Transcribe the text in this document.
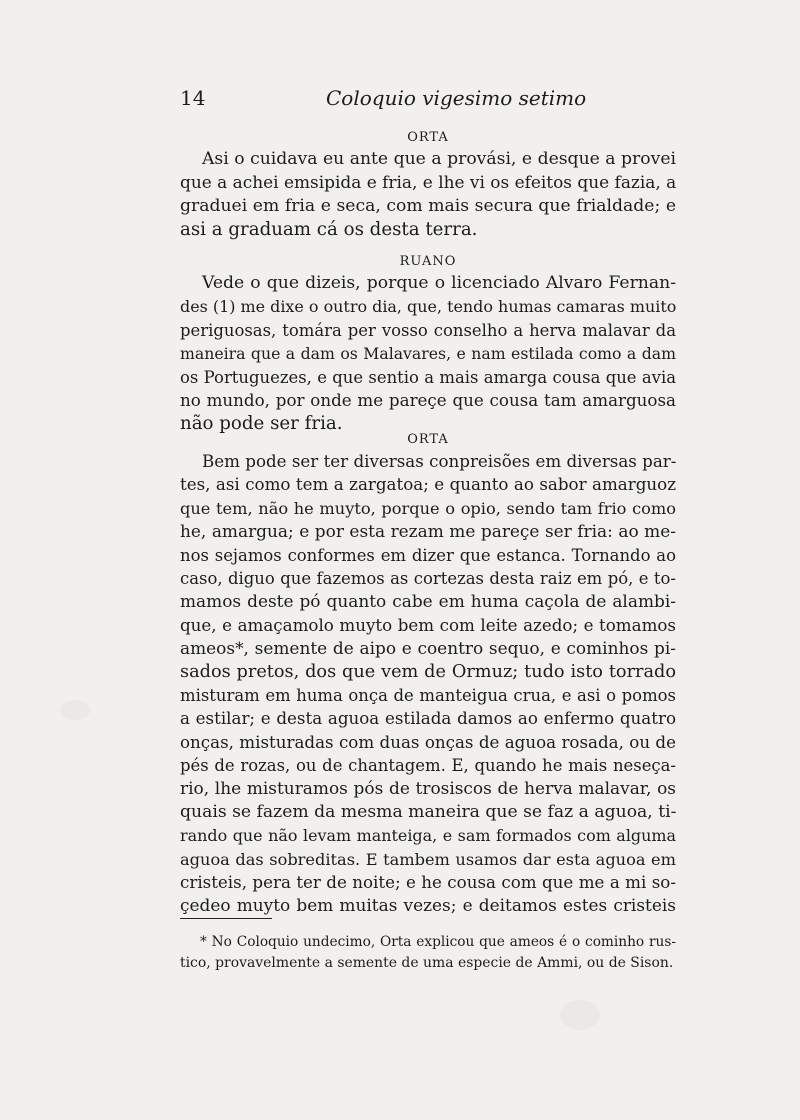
14	Coloquio vigesimo setimo
ORTA
Asi o cuidava eu ante que a provási, e desque a provei
que a achei emsipida e fria, e lhe vi os efeitos que fazia, a
graduei em fria e seca, com mais secura que frialdade; e
asi a graduam cá os desta terra.
RUANO
Vede o que dizeis, porque o licenciado Alvaro Fernan-
des (1) me dixe o outro dia, que, tendo humas camaras muito
periguosas, tomára per vosso conselho a herva malavar da
maneira que a dam os Malavares, e nam estilada como a dam
os Portuguezes, e que sentio a mais amarga cousa que avia
no mundo, por onde me pareçe que cousa tam amarguosa
não pode ser fria.
ORTA
Bem pode ser ter diversas conpreisões em diversas par-
tes, asi como tem a zargatoa; e quanto ao sabor amarguoz
que tem, não he muyto, porque o opio, sendo tam frio como
he, amargua; e por esta rezam me pareçe ser fria: ao me-
nos sejamos conformes em dizer que estanca. Tornando ao
caso, diguo que fazemos as cortezas desta raiz em pó, e to-
mamos deste pó quanto cabe em huma caçola de alambi-
que, e amaçamolo muyto bem com leite azedo; e tomamos
ameos*, semente de aipo e coentro sequo, e cominhos pi-
sados pretos, dos que vem de Ormuz; tudo isto torrado
misturam em huma onça de manteigua crua, e asi o pomos
a estilar; e desta aguoa estilada damos ao enfermo quatro
onças, misturadas com duas onças de aguoa rosada, ou de
pés de rozas, ou de chantagem. E, quando he mais neseça-
rio, lhe misturamos pós de trosiscos de herva malavar, os
quais se fazem da mesma maneira que se faz a aguoa, ti-
rando que não levam manteiga, e sam formados com alguma
aguoa das sobreditas. E tambem usamos dar esta aguoa em
cristeis, pera ter de noite; e he cousa com que me a mi so-
çedeo muyto bem muitas vezes; e deitamos estes cristeis
* No Coloquio undecimo, Orta explicou que ameos é o cominho rus-
tico, provavelmente a semente de uma especie de Ammi, ou de Sison.
